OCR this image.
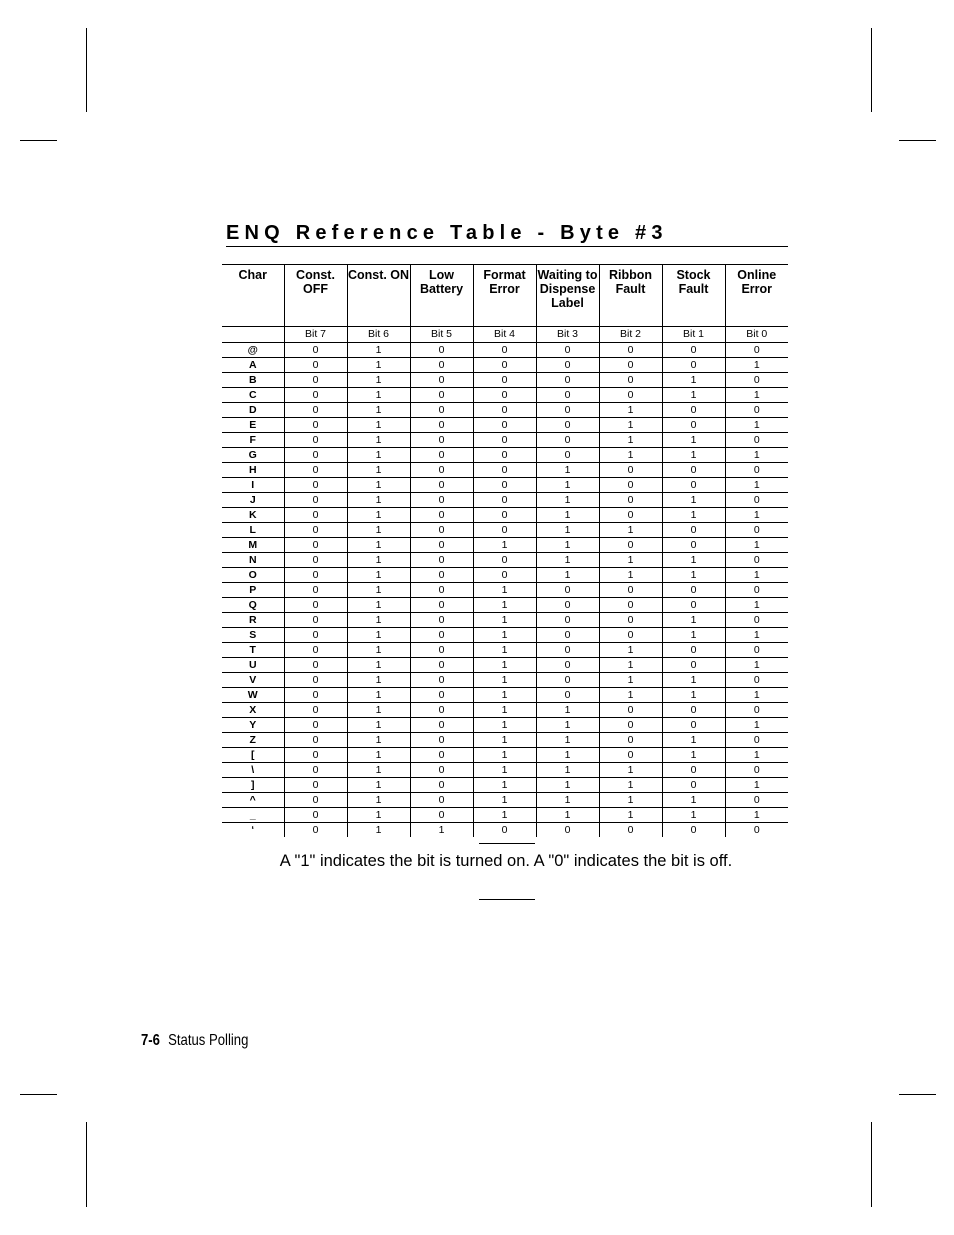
ENQ Reference Table - Byte #3
Char	Const. OFF	Const. ON	Low Battery	Format Error	Waiting to Dispense Label	Ribbon Fault	Stock Fault	Online Error
	Bit 7	Bit 6	Bit 5	Bit 4	Bit 3	Bit 2	Bit 1	Bit 0
@	0	1	0	0	0	0	0	0
A	0	1	0	0	0	0	0	1
B	0	1	0	0	0	0	1	0
C	0	1	0	0	0	0	1	1
D	0	1	0	0	0	1	0	0
E	0	1	0	0	0	1	0	1
F	0	1	0	0	0	1	1	0
G	0	1	0	0	0	1	1	1
H	0	1	0	0	1	0	0	0
I	0	1	0	0	1	0	0	1
J	0	1	0	0	1	0	1	0
K	0	1	0	0	1	0	1	1
L	0	1	0	0	1	1	0	0
M	0	1	0	1	1	0	0	1
N	0	1	0	0	1	1	1	0
O	0	1	0	0	1	1	1	1
P	0	1	0	1	0	0	0	0
Q	0	1	0	1	0	0	0	1
R	0	1	0	1	0	0	1	0
S	0	1	0	1	0	0	1	1
T	0	1	0	1	0	1	0	0
U	0	1	0	1	0	1	0	1
V	0	1	0	1	0	1	1	0
W	0	1	0	1	0	1	1	1
X	0	1	0	1	1	0	0	0
Y	0	1	0	1	1	0	0	1
Z	0	1	0	1	1	0	1	0
[	0	1	0	1	1	0	1	1
\	0	1	0	1	1	1	0	0
]	0	1	0	1	1	1	0	1
^	0	1	0	1	1	1	1	0
_	0	1	0	1	1	1	1	1
‘	0	1	1	0	0	0	0	0
A "1" indicates the bit is turned on. A "0" indicates the bit is off.
7-6 Status Polling
